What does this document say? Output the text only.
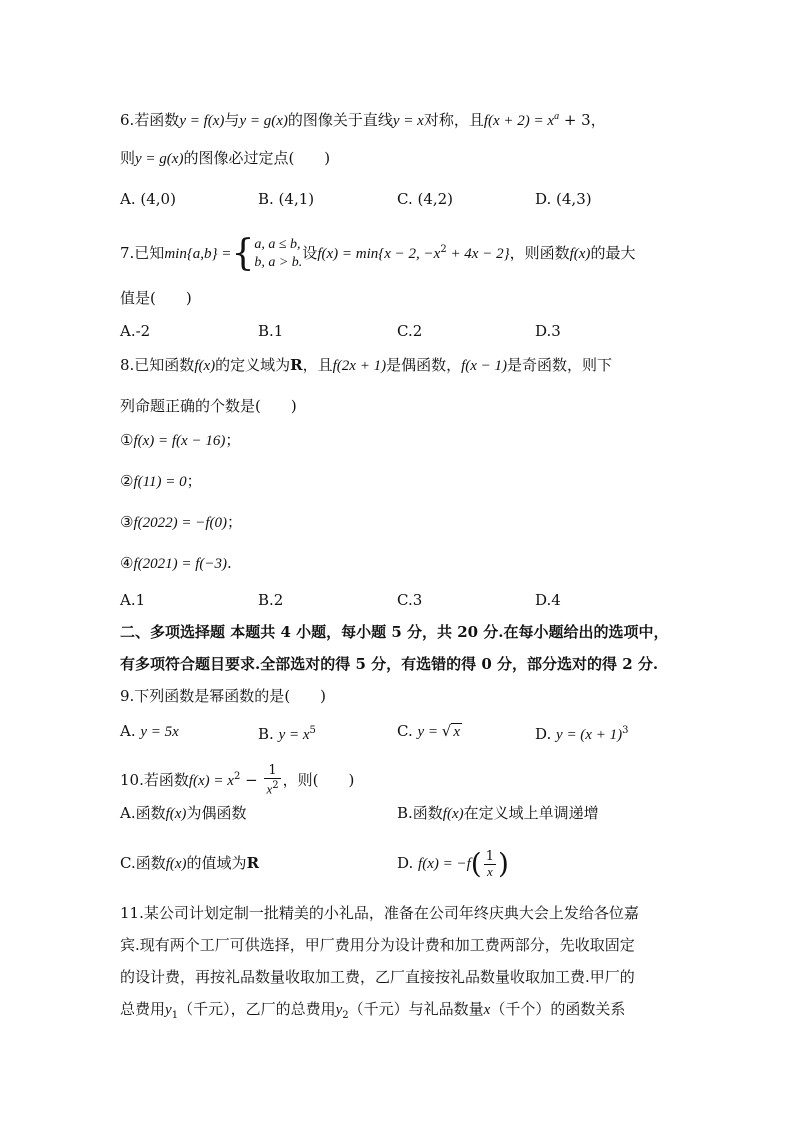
6.若函数y = f(x)与y = g(x)的图像关于直线y = x对称，且$f(x + 2) = x^a + 3$，
则y = g(x)的图像必过定点(　　)
A. (4,0)	B. (4,1)	C. (4,2)	D. (4,3)
7.已知min{a,b} ={ a, a ≤ b,
b, a > b.
设f(x) = min{x − 2, $-x^2 + 4x - 2$}，则函数f(x)的最大
值是(　　)
A.-2	B.1	C.2	D.3
8.已知函数f(x)的定义域为R，且f(2x + 1)是偶函数，f(x − 1)是奇函数，则下
列命题正确的个数是(　　)
①f(x) = f(x − 16)；
②f(11) = 0；
③f(2022) = −f(0)；
④f(2021) = f(−3).
A.1	B.2	C.3	D.4
二、多项选择题 本题共 4 小题，每小题 5 分，共 20 分.在每小题给出的选项中，
有多项符合题目要求.全部选对的得 5 分，有选错的得 0 分，部分选对的得 2 分.
9.下列函数是幂函数的是(　　)
A. y = 5x	B. $y = x^5$	C. y = √ x	D. $y = (x + 1)^3$
10.若函数$f(x) = x^2 - \frac{1}{x^2}$ ，则(　　)
A.函数f(x)为偶函数	B.函数f(x)在定义域上单调递增
C.函数f(x)的值域为R	D. $f(x) = -f( \frac{1}{x}$ )
11.某公司计划定制一批精美的小礼品，准备在公司年终庆典大会上发给各位嘉
宾.现有两个工厂可供选择，甲厂费用分为设计费和加工费两部分，先收取固定
的设计费，再按礼品数量收取加工费，乙厂直接按礼品数量收取加工费.甲厂的
总费用$y_1$（千元），乙厂的总费用$y_2$（千元）与礼品数量x（千个）的函数关系
